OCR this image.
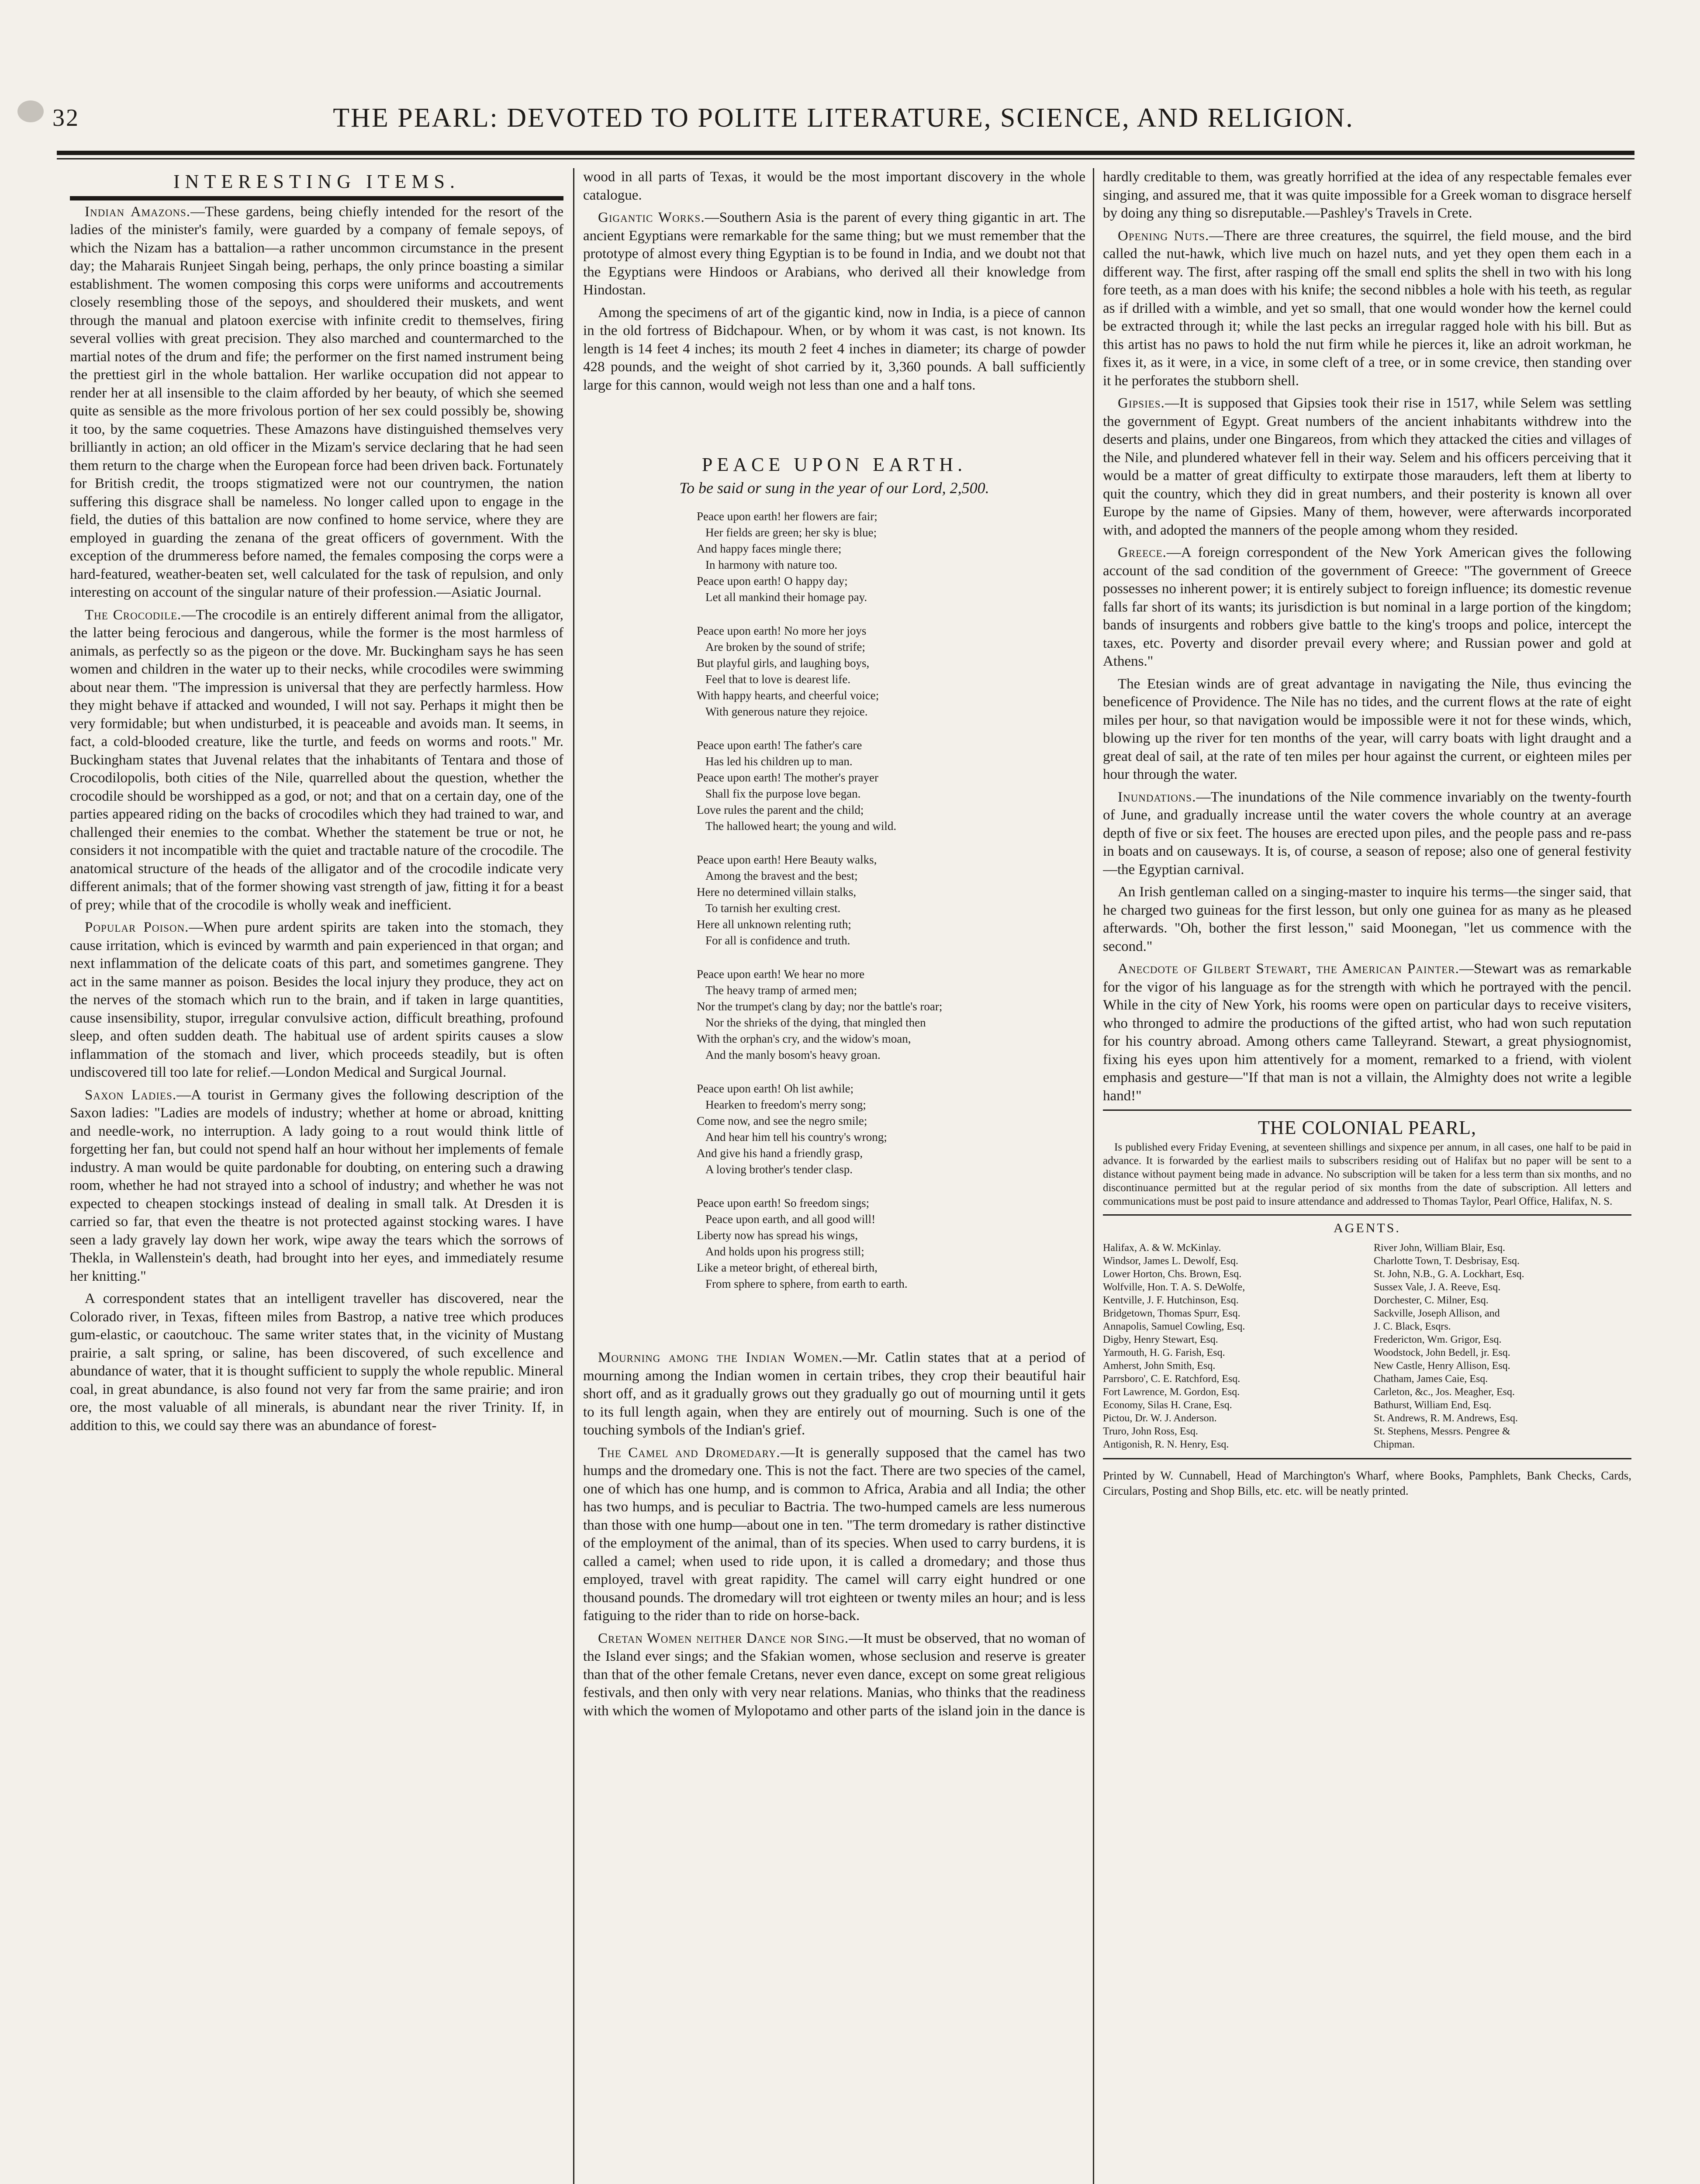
32	THE PEARL: DEVOTED TO POLITE LITERATURE, SCIENCE, AND RELIGION.
INTERESTING ITEMS.

Indian Amazons.—These gardens, being chiefly intended for the resort of the ladies of the minister's family, were guarded by a company of female sepoys, of which the Nizam has a battalion—a rather uncommon circumstance in the present day; the Maharais Runjeet Singah being, perhaps, the only prince boasting a similar establishment. The women composing this corps were uniforms and accoutrements closely resembling those of the sepoys, and shouldered their muskets, and went through the manual and platoon exercise with infinite credit to themselves, firing several vollies with great precision. They also marched and countermarched to the martial notes of the drum and fife; the performer on the first named instrument being the prettiest girl in the whole battalion. Her warlike occupation did not appear to render her at all insensible to the claim afforded by her beauty, of which she seemed quite as sensible as the more frivolous portion of her sex could possibly be, showing it too, by the same coquetries. These Amazons have distinguished themselves very brilliantly in action; an old officer in the Mizam's service declaring that he had seen them return to the charge when the European force had been driven back. Fortunately for British credit, the troops stigmatized were not our countrymen, the nation suffering this disgrace shall be nameless. No longer called upon to engage in the field, the duties of this battalion are now confined to home service, where they are employed in guarding the zenana of the great officers of government. With the exception of the drummeress before named, the females composing the corps were a hard-featured, weather-beaten set, well calculated for the task of repulsion, and only interesting on account of the singular nature of their profession.—Asiatic Journal.

The Crocodile.—The crocodile is an entirely different animal from the alligator, the latter being ferocious and dangerous, while the former is the most harmless of animals, as perfectly so as the pigeon or the dove. Mr. Buckingham says he has seen women and children in the water up to their necks, while crocodiles were swimming about near them. "The impression is universal that they are perfectly harmless. How they might behave if attacked and wounded, I will not say. Perhaps it might then be very formidable; but when undisturbed, it is peaceable and avoids man. It seems, in fact, a cold-blooded creature, like the turtle, and feeds on worms and roots." Mr. Buckingham states that Juvenal relates that the inhabitants of Tentara and those of Crocodilopolis, both cities of the Nile, quarrelled about the question, whether the crocodile should be worshipped as a god, or not; and that on a certain day, one of the parties appeared riding on the backs of crocodiles which they had trained to war, and challenged their enemies to the combat. Whether the statement be true or not, he considers it not incompatible with the quiet and tractable nature of the crocodile. The anatomical structure of the heads of the alligator and of the crocodile indicate very different animals; that of the former showing vast strength of jaw, fitting it for a beast of prey; while that of the crocodile is wholly weak and inefficient.

Popular Poison.—When pure ardent spirits are taken into the stomach, they cause irritation, which is evinced by warmth and pain experienced in that organ; and next inflammation of the delicate coats of this part, and sometimes gangrene. They act in the same manner as poison. Besides the local injury they produce, they act on the nerves of the stomach which run to the brain, and if taken in large quantities, cause insensibility, stupor, irregular convulsive action, difficult breathing, profound sleep, and often sudden death. The habitual use of ardent spirits causes a slow inflammation of the stomach and liver, which proceeds steadily, but is often undiscovered till too late for relief.—London Medical and Surgical Journal.

Saxon Ladies.—A tourist in Germany gives the following description of the Saxon ladies: "Ladies are models of industry; whether at home or abroad, knitting and needle-work, no interruption. A lady going to a rout would think little of forgetting her fan, but could not spend half an hour without her implements of female industry. A man would be quite pardonable for doubting, on entering such a drawing room, whether he had not strayed into a school of industry; and whether he was not expected to cheapen stockings instead of dealing in small talk. At Dresden it is carried so far, that even the theatre is not protected against stocking wares. I have seen a lady gravely lay down her work, wipe away the tears which the sorrows of Thekla, in Wallenstein's death, had brought into her eyes, and immediately resume her knitting."

A correspondent states that an intelligent traveller has discovered, near the Colorado river, in Texas, fifteen miles from Bastrop, a native tree which produces gum-elastic, or caoutchouc. The same writer states that, in the vicinity of Mustang prairie, a salt spring, or saline, has been discovered, of such excellence and abundance of water, that it is thought sufficient to supply the whole republic. Mineral coal, in great abundance, is also found not very far from the same prairie; and iron ore, the most valuable of all minerals, is abundant near the river Trinity. If, in addition to this, we could say there was an abundance of forest-

wood in all parts of Texas, it would be the most important discovery in the whole catalogue.

Gigantic Works.—Southern Asia is the parent of every thing gigantic in art. The ancient Egyptians were remarkable for the same thing; but we must remember that the prototype of almost every thing Egyptian is to be found in India, and we doubt not that the Egyptians were Hindoos or Arabians, who derived all their knowledge from Hindostan.

Among the specimens of art of the gigantic kind, now in India, is a piece of cannon in the old fortress of Bidchapour. When, or by whom it was cast, is not known. Its length is 14 feet 4 inches; its mouth 2 feet 4 inches in diameter; its charge of powder 428 pounds, and the weight of shot carried by it, 3,360 pounds. A ball sufficiently large for this cannon, would weigh not less than one and a half tons.

PEACE UPON EARTH.
To be said or sung in the year of our Lord, 2,500.
Peace upon earth! her flowers are fair;
Her fields are green; her sky is blue;
And happy faces mingle there;
In harmony with nature too.
Peace upon earth! O happy day;
Let all mankind their homage pay.
Peace upon earth! No more her joys
Are broken by the sound of strife;
But playful girls, and laughing boys,
Feel that to love is dearest life.
With happy hearts, and cheerful voice;
With generous nature they rejoice.
Peace upon earth! The father's care
Has led his children up to man.
Peace upon earth! The mother's prayer
Shall fix the purpose love began.
Love rules the parent and the child;
The hallowed heart; the young and wild.
Peace upon earth! Here Beauty walks,
Among the bravest and the best;
Here no determined villain stalks,
To tarnish her exulting crest.
Here all unknown relenting ruth;
For all is confidence and truth.
Peace upon earth! We hear no more
The heavy tramp of armed men;
Nor the trumpet's clang by day; nor the battle's roar;
Nor the shrieks of the dying, that mingled then
With the orphan's cry, and the widow's moan,
And the manly bosom's heavy groan.
Peace upon earth! Oh list awhile;
Hearken to freedom's merry song;
Come now, and see the negro smile;
And hear him tell his country's wrong;
And give his hand a friendly grasp,
A loving brother's tender clasp.
Peace upon earth! So freedom sings;
Peace upon earth, and all good will!
Liberty now has spread his wings,
And holds upon his progress still;
Like a meteor bright, of ethereal birth,
From sphere to sphere, from earth to earth.

Mourning among the Indian Women.—Mr. Catlin states that at a period of mourning among the Indian women in certain tribes, they crop their beautiful hair short off, and as it gradually grows out they gradually go out of mourning until it gets to its full length again, when they are entirely out of mourning. Such is one of the touching symbols of the Indian's grief.

The Camel and Dromedary.—It is generally supposed that the camel has two humps and the dromedary one. This is not the fact. There are two species of the camel, one of which has one hump, and is common to Africa, Arabia and all India; the other has two humps, and is peculiar to Bactria. The two-humped camels are less numerous than those with one hump—about one in ten. "The term dromedary is rather distinctive of the employment of the animal, than of its species. When used to carry burdens, it is called a camel; when used to ride upon, it is called a dromedary; and those thus employed, travel with great rapidity. The camel will carry eight hundred or one thousand pounds. The dromedary will trot eighteen or twenty miles an hour; and is less fatiguing to the rider than to ride on horse-back.

Cretan Women neither Dance nor Sing.—It must be observed, that no woman of the Island ever sings; and the Sfakian women, whose seclusion and reserve is greater than that of the other female Cretans, never even dance, except on some great religious festivals, and then only with very near relations. Manias, who thinks that the readiness with which the women of Mylopotamo and other parts of the island join in the dance is

hardly creditable to them, was greatly horrified at the idea of any respectable females ever singing, and assured me, that it was quite impossible for a Greek woman to disgrace herself by doing any thing so disreputable.—Pashley's Travels in Crete.

Opening Nuts.—There are three creatures, the squirrel, the field mouse, and the bird called the nut-hawk, which live much on hazel nuts, and yet they open them each in a different way. The first, after rasping off the small end splits the shell in two with his long fore teeth, as a man does with his knife; the second nibbles a hole with his teeth, as regular as if drilled with a wimble, and yet so small, that one would wonder how the kernel could be extracted through it; while the last pecks an irregular ragged hole with his bill. But as this artist has no paws to hold the nut firm while he pierces it, like an adroit workman, he fixes it, as it were, in a vice, in some cleft of a tree, or in some crevice, then standing over it he perforates the stubborn shell.

Gipsies.—It is supposed that Gipsies took their rise in 1517, while Selem was settling the government of Egypt. Great numbers of the ancient inhabitants withdrew into the deserts and plains, under one Bingareos, from which they attacked the cities and villages of the Nile, and plundered whatever fell in their way. Selem and his officers perceiving that it would be a matter of great difficulty to extirpate those marauders, left them at liberty to quit the country, which they did in great numbers, and their posterity is known all over Europe by the name of Gipsies. Many of them, however, were afterwards incorporated with, and adopted the manners of the people among whom they resided.

Greece.—A foreign correspondent of the New York American gives the following account of the sad condition of the government of Greece: "The government of Greece possesses no inherent power; it is entirely subject to foreign influence; its domestic revenue falls far short of its wants; its jurisdiction is but nominal in a large portion of the kingdom; bands of insurgents and robbers give battle to the king's troops and police, intercept the taxes, etc. Poverty and disorder prevail every where; and Russian power and gold at Athens."

The Etesian winds are of great advantage in navigating the Nile, thus evincing the beneficence of Providence. The Nile has no tides, and the current flows at the rate of eight miles per hour, so that navigation would be impossible were it not for these winds, which, blowing up the river for ten months of the year, will carry boats with light draught and a great deal of sail, at the rate of ten miles per hour against the current, or eighteen miles per hour through the water.

Inundations.—The inundations of the Nile commence invariably on the twenty-fourth of June, and gradually increase until the water covers the whole country at an average depth of five or six feet. The houses are erected upon piles, and the people pass and re-pass in boats and on causeways. It is, of course, a season of repose; also one of general festivity—the Egyptian carnival.

An Irish gentleman called on a singing-master to inquire his terms—the singer said, that he charged two guineas for the first lesson, but only one guinea for as many as he pleased afterwards. "Oh, bother the first lesson," said Moonegan, "let us commence with the second."

Anecdote of Gilbert Stewart, the American Painter.—Stewart was as remarkable for the vigor of his language as for the strength with which he portrayed with the pencil. While in the city of New York, his rooms were open on particular days to receive visiters, who thronged to admire the productions of the gifted artist, who had won such reputation for his country abroad. Among others came Talleyrand. Stewart, a great physiognomist, fixing his eyes upon him attentively for a moment, remarked to a friend, with violent emphasis and gesture—"If that man is not a villain, the Almighty does not write a legible hand!"

THE COLONIAL PEARL,
Is published every Friday Evening, at seventeen shillings and sixpence per annum, in all cases, one half to be paid in advance. It is forwarded by the earliest mails to subscribers residing out of Halifax but no paper will be sent to a distance without payment being made in advance. No subscription will be taken for a less term than six months, and no discontinuance permitted but at the regular period of six months from the date of subscription. All letters and communications must be post paid to insure attendance and addressed to Thomas Taylor, Pearl Office, Halifax, N. S.
AGENTS.
Halifax, A. & W. McKinlay.
Windsor, James L. Dewolf, Esq.
Lower Horton, Chs. Brown, Esq.
Wolfville, Hon. T. A. S. DeWolfe,
Kentville, J. F. Hutchinson, Esq.
Bridgetown, Thomas Spurr, Esq.
Annapolis, Samuel Cowling, Esq.
Digby, Henry Stewart, Esq.
Yarmouth, H. G. Farish, Esq.
Amherst, John Smith, Esq.
Parrsboro', C. E. Ratchford, Esq.
Fort Lawrence, M. Gordon, Esq.
Economy, Silas H. Crane, Esq.
Pictou, Dr. W. J. Anderson.
Truro, John Ross, Esq.
Antigonish, R. N. Henry, Esq.
River John, William Blair, Esq.
Charlotte Town, T. Desbrisay, Esq.
St. John, N.B., G. A. Lockhart, Esq.
Sussex Vale, J. A. Reeve, Esq.
Dorchester, C. Milner, Esq.
Sackville, Joseph Allison, and
J. C. Black, Esqrs.
Fredericton, Wm. Grigor, Esq.
Woodstock, John Bedell, jr. Esq.
New Castle, Henry Allison, Esq.
Chatham, James Caie, Esq.
Carleton, &c., Jos. Meagher, Esq.
Bathurst, William End, Esq.
St. Andrews, R. M. Andrews, Esq.
St. Stephens, Messrs. Pengree &
Chipman.

Printed by W. Cunnabell, Head of Marchington's Wharf, where Books, Pamphlets, Bank Checks, Cards, Circulars, Posting and Shop Bills, etc. etc. will be neatly printed.
